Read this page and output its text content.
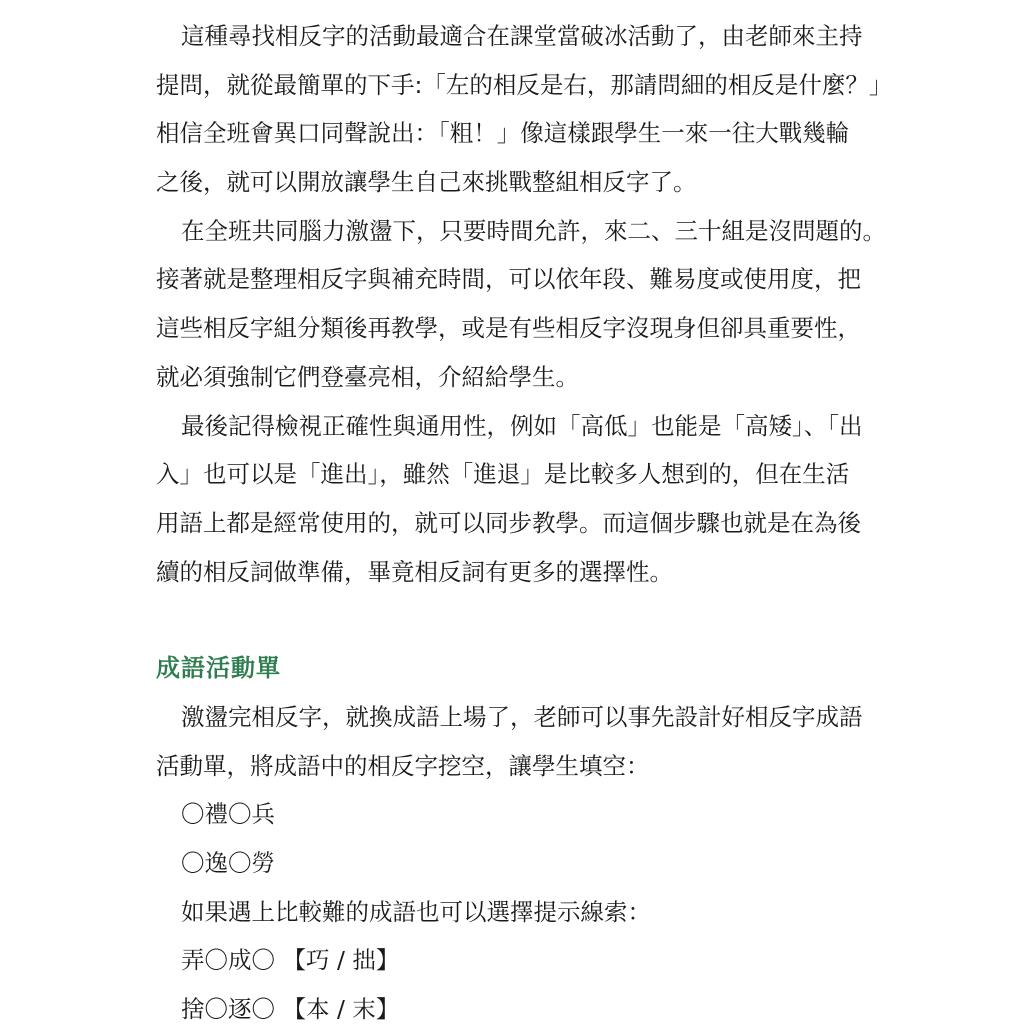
這種尋找相反字的活動最適合在課堂當破冰活動了，由老師來主持
提問，就從最簡單的下手:「左的相反是右，那請問細的相反是什麼？」
相信全班會異口同聲說出：「粗！」像這樣跟學生一來一往大戰幾輪
之後，就可以開放讓學生自己來挑戰整組相反字了。
在全班共同腦力激盪下，只要時間允許，來二、三十組是沒問題的。
接著就是整理相反字與補充時間，可以依年段、難易度或使用度，把
這些相反字組分類後再教學，或是有些相反字沒現身但卻具重要性，
就必須強制它們登臺亮相，介紹給學生。
最後記得檢視正確性與通用性，例如「高低」也能是「高矮」、「出
入」也可以是「進出」，雖然「進退」是比較多人想到的，但在生活
用語上都是經常使用的，就可以同步教學。而這個步驟也就是在為後
續的相反詞做準備，畢竟相反詞有更多的選擇性。
成語活動單
激盪完相反字，就換成語上場了，老師可以事先設計好相反字成語
活動單，將成語中的相反字挖空，讓學生填空：
〇禮〇兵
〇逸〇勞
如果遇上比較難的成語也可以選擇提示線索：
弄〇成〇 【巧 / 拙】
捨〇逐〇 【本 / 末】
